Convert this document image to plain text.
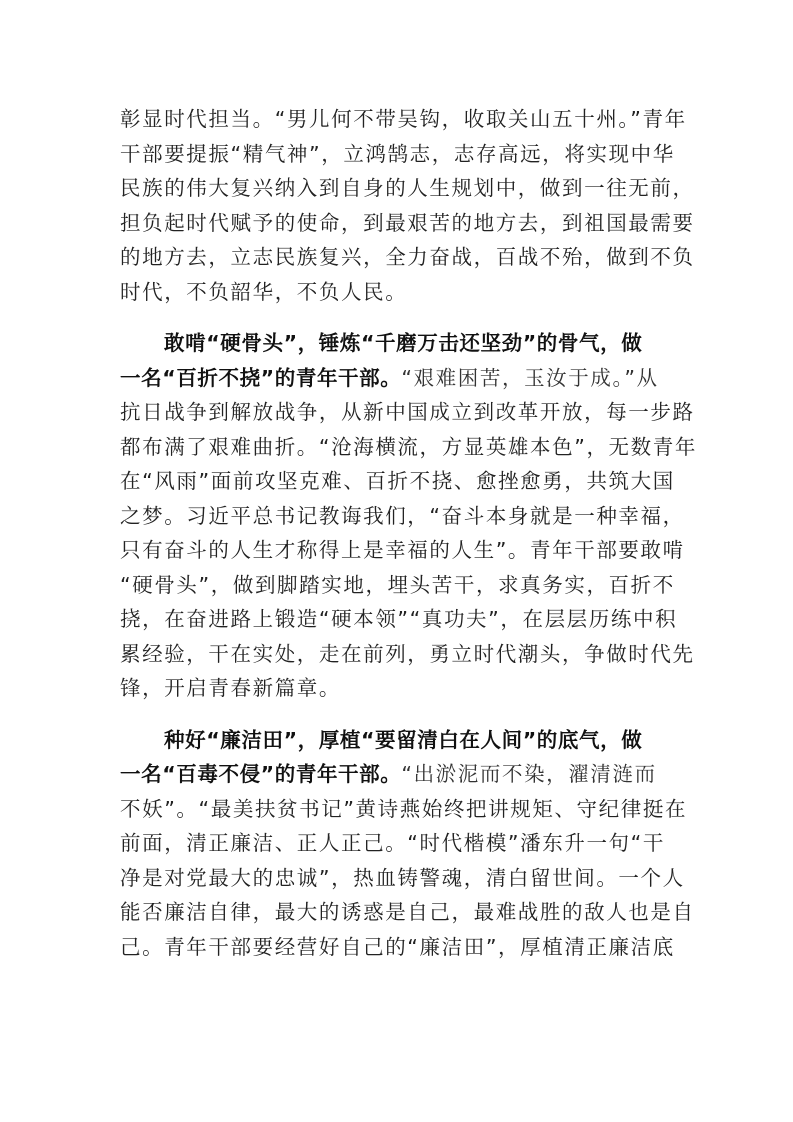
彰显时代担当。“男儿何不带吴钩，收取关山五十州。”青年
干部要提振“精气神”，立鸿鹄志，志存高远，将实现中华
民族的伟大复兴纳入到自身的人生规划中，做到一往无前，
担负起时代赋予的使命，到最艰苦的地方去，到祖国最需要
的地方去，立志民族复兴，全力奋战，百战不殆，做到不负
时代，不负韶华，不负人民。
敢啃“硬骨头”，锤炼“千磨万击还坚劲”的骨气，做
一名“百折不挠”的青年干部。“艰难困苦，玉汝于成。”从
抗日战争到解放战争，从新中国成立到改革开放，每一步路
都布满了艰难曲折。“沧海横流，方显英雄本色”，无数青年
在“风雨”面前攻坚克难、百折不挠、愈挫愈勇，共筑大国
之梦。习近平总书记教诲我们，“奋斗本身就是一种幸福，
只有奋斗的人生才称得上是幸福的人生”。青年干部要敢啃
“硬骨头”，做到脚踏实地，埋头苦干，求真务实，百折不
挠，在奋进路上锻造“硬本领”“真功夫”，在层层历练中积
累经验，干在实处，走在前列，勇立时代潮头，争做时代先
锋，开启青春新篇章。
种好“廉洁田”，厚植“要留清白在人间”的底气，做
一名“百毒不侵”的青年干部。“出淤泥而不染，濯清涟而
不妖”。“最美扶贫书记”黄诗燕始终把讲规矩、守纪律挺在
前面，清正廉洁、正人正己。“时代楷模”潘东升一句“干
净是对党最大的忠诚”，热血铸警魂，清白留世间。一个人
能否廉洁自律，最大的诱惑是自己，最难战胜的敌人也是自
己。青年干部要经营好自己的“廉洁田”，厚植清正廉洁底
